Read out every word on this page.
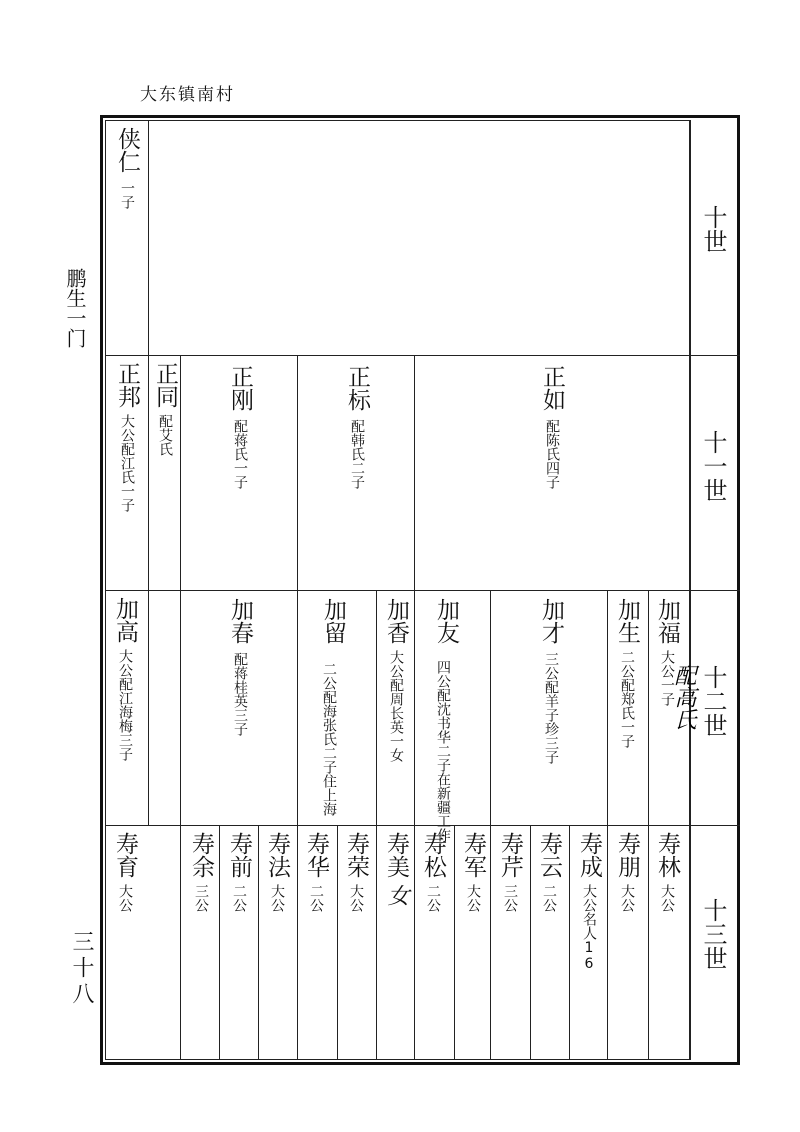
大东镇南村
鹏生一门
三十八
十世
十一世
十二世
十三世
侠仁一子
正邦大公配江氏一子
正同配艾氏
正刚配蒋氏一子
正标配韩氏二子
正如配陈氏四子
加高大公配江海梅三子
加春配蒋桂英三子
加留
二公配海张氏二子住上海
加香大公配周长英一女
加友
四公配沈书华二子在新疆工作
加才三公配羊子珍三子
加生二公配郑氏一子
加福大公一子
配高氏
寿育大公
寿余三公
寿前二公
寿法大公
寿华二公
寿荣大公
寿美女
寿松二公
寿军大公
寿芹三公
寿云二公
寿成大公名人16
寿朋大公
寿林大公
